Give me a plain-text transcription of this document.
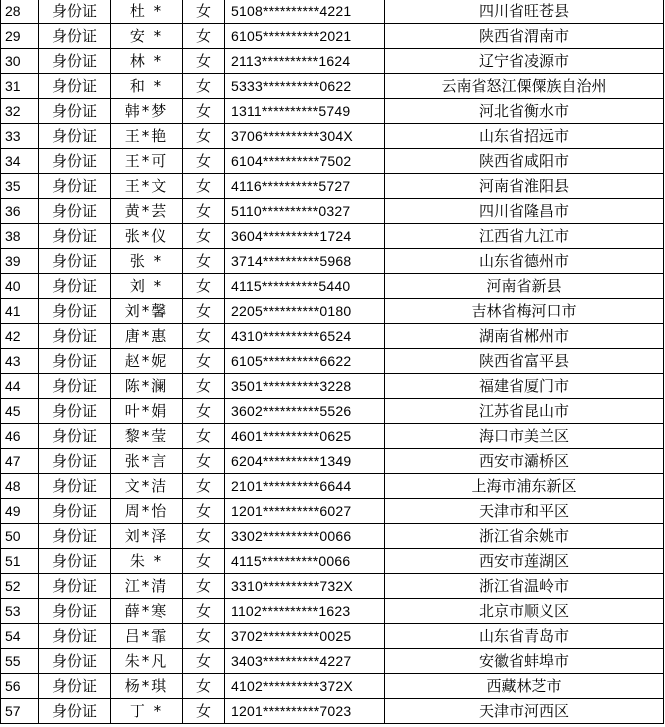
28	身份证	杜 *	女	5108**********4221	四川省旺苍县
29	身份证	安 *	女	6105**********2021	陕西省渭南市
30	身份证	林 *	女	2113**********1624	辽宁省凌源市
31	身份证	和 *	女	5333**********0622	云南省怒江傈僳族自治州
32	身份证	韩*梦	女	1311**********5749	河北省衡水市
33	身份证	王*艳	女	3706**********304X	山东省招远市
34	身份证	王*可	女	6104**********7502	陕西省咸阳市
35	身份证	王*文	女	4116**********5727	河南省淮阳县
36	身份证	黄*芸	女	5110**********0327	四川省隆昌市
38	身份证	张*仪	女	3604**********1724	江西省九江市
39	身份证	张 *	女	3714**********5968	山东省德州市
40	身份证	刘 *	女	4115**********5440	河南省新县
41	身份证	刘*馨	女	2205**********0180	吉林省梅河口市
42	身份证	唐*惠	女	4310**********6524	湖南省郴州市
43	身份证	赵*妮	女	6105**********6622	陕西省富平县
44	身份证	陈*澜	女	3501**********3228	福建省厦门市
45	身份证	叶*娟	女	3602**********5526	江苏省昆山市
46	身份证	黎*莹	女	4601**********0625	海口市美兰区
47	身份证	张*言	女	6204**********1349	西安市灞桥区
48	身份证	文*洁	女	2101**********6644	上海市浦东新区
49	身份证	周*怡	女	1201**********6027	天津市和平区
50	身份证	刘*泽	女	3302**********0066	浙江省余姚市
51	身份证	朱 *	女	4115**********0066	西安市莲湖区
52	身份证	江*清	女	3310**********732X	浙江省温岭市
53	身份证	薛*寒	女	1102**********1623	北京市顺义区
54	身份证	吕*霏	女	3702**********0025	山东省青岛市
55	身份证	朱*凡	女	3403**********4227	安徽省蚌埠市
56	身份证	杨*琪	女	4102**********372X	西藏林芝市
57	身份证	丁 *	女	1201**********7023	天津市河西区
